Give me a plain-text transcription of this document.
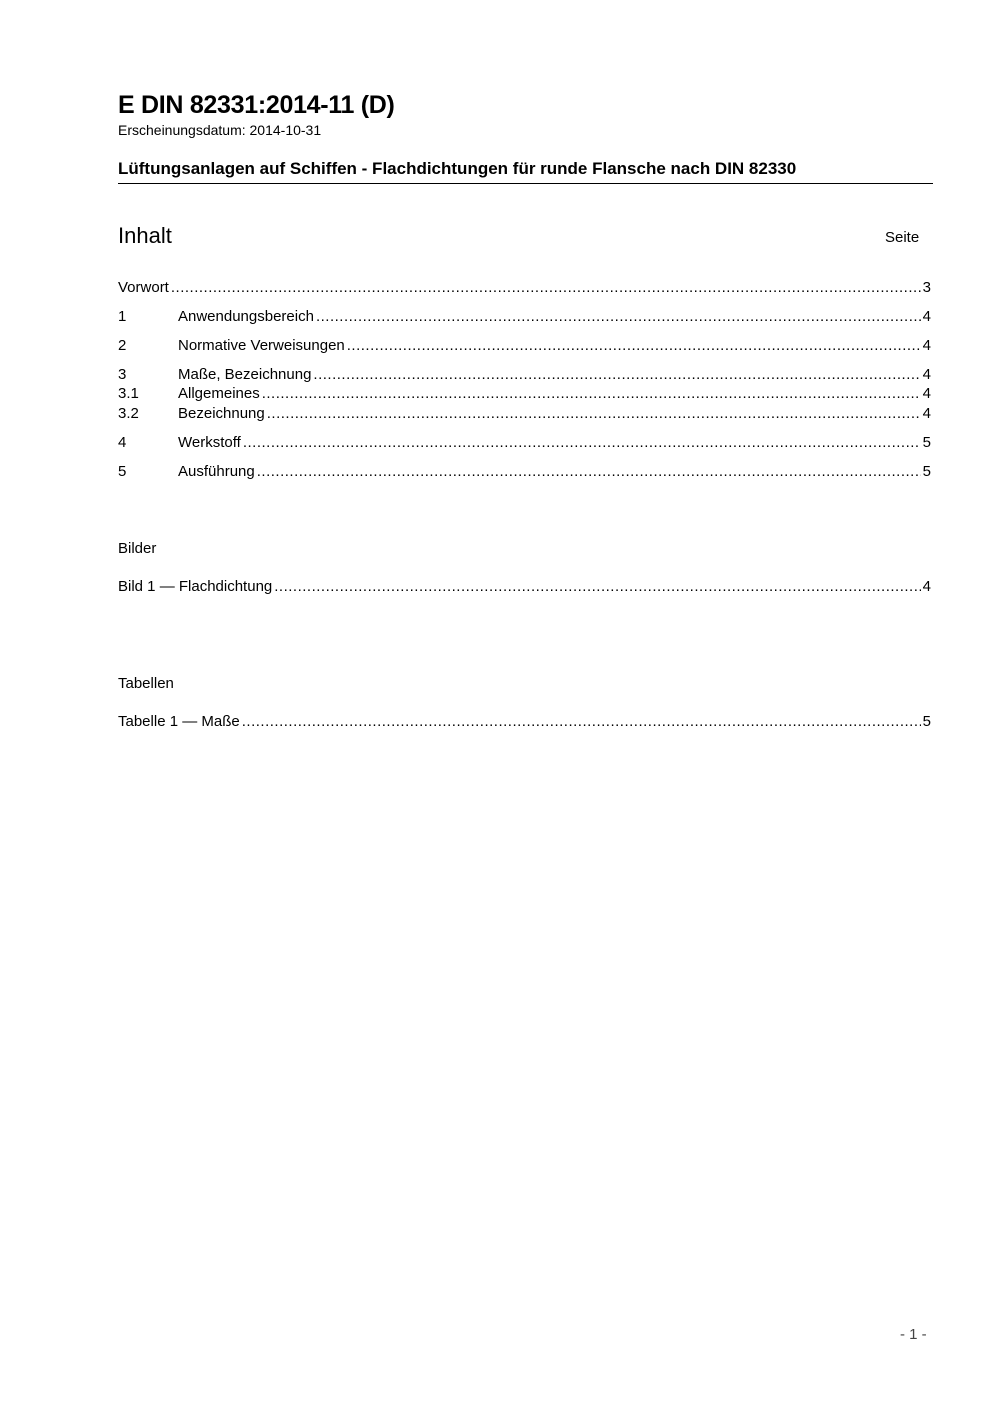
E DIN 82331:2014-11 (D)
Erscheinungsdatum: 2014-10-31
Lüftungsanlagen auf Schiffen - Flachdichtungen für runde Flansche nach DIN 82330
Inhalt	Seite
Vorwort .....	3
1	Anwendungsbereich .....	4
2	Normative Verweisungen .....	4
3	Maße, Bezeichnung .....	4
3.1	Allgemeines .....	4
3.2	Bezeichnung .....	4
4	Werkstoff .....	5
5	Ausführung .....	5
Bilder
Bild 1 — Flachdichtung .....	4
Tabellen
Tabelle 1 — Maße .....	5
- 1 -
